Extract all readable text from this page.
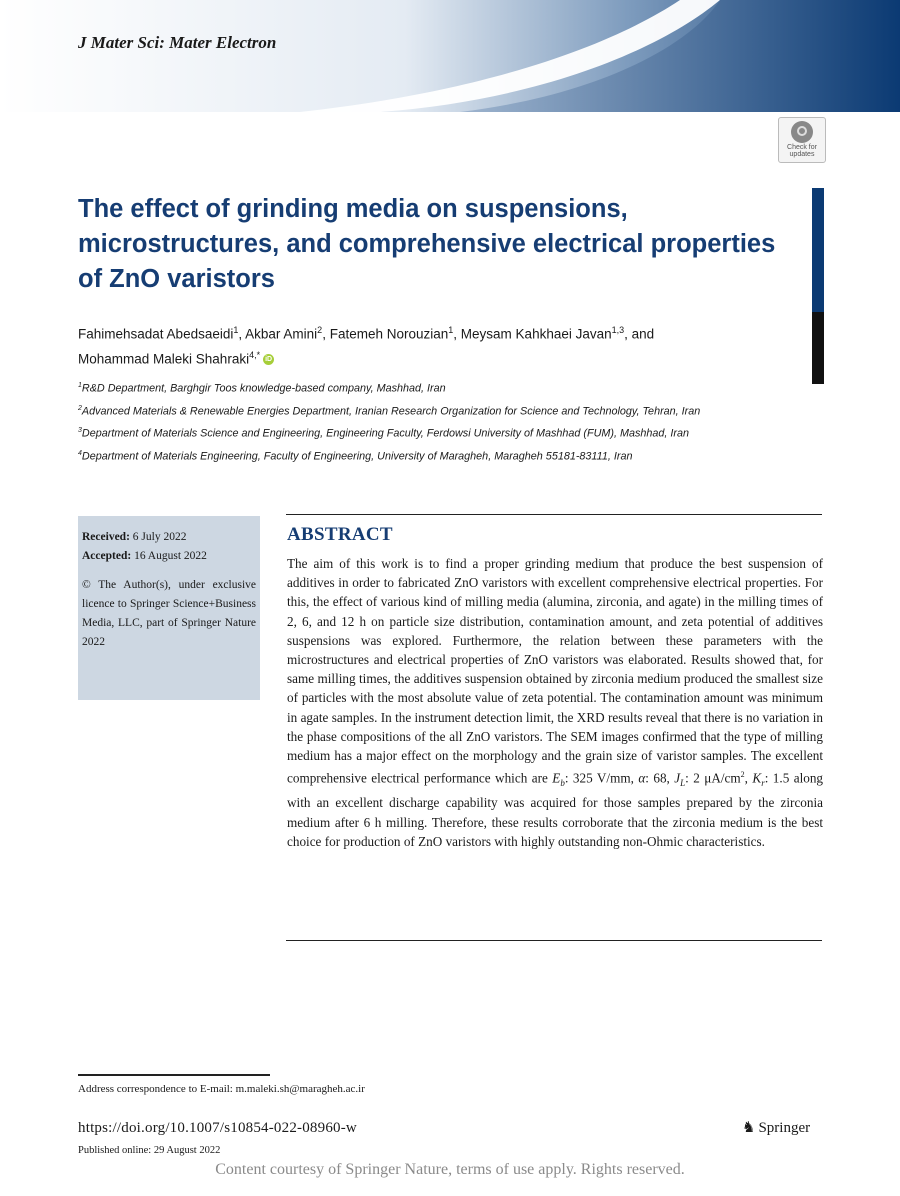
J Mater Sci: Mater Electron
Check for
updates
The effect of grinding media on suspensions, microstructures, and comprehensive electrical properties of ZnO varistors
Fahimehsadat Abedsaeidi$^1$, Akbar Amini$^2$, Fatemeh Norouzian$^1$, Meysam Kahkhaei Javan$^{1,3}$, and
Mohammad Maleki Shahraki$^{4,*}$ iD
$^1$R&D Department, Barghgir Toos knowledge-based company, Mashhad, Iran
$^2$Advanced Materials & Renewable Energies Department, Iranian Research Organization for Science and Technology, Tehran, Iran
$^3$Department of Materials Science and Engineering, Engineering Faculty, Ferdowsi University of Mashhad (FUM), Mashhad, Iran
$^4$Department of Materials Engineering, Faculty of Engineering, University of Maragheh, Maragheh 55181-83111, Iran
Received: 6 July 2022
Accepted: 16 August 2022
© The Author(s), under exclusive licence to Springer Science+Business Media, LLC, part of Springer Nature 2022
ABSTRACT
The aim of this work is to find a proper grinding medium that produce the best suspension of additives in order to fabricated ZnO varistors with excellent comprehensive electrical properties. For this, the effect of various kind of milling media (alumina, zirconia, and agate) in the milling times of 2, 6, and 12 h on particle size distribution, contamination amount, and zeta potential of additives suspensions was explored. Furthermore, the relation between these parameters with the microstructures and electrical properties of ZnO varistors was elaborated. Results showed that, for same milling times, the additives suspension obtained by zirconia medium produced the smallest size of particles with the most absolute value of zeta potential. The contamination amount was minimum in agate samples. In the instrument detection limit, the XRD results reveal that there is no variation in the phase compositions of the all ZnO varistors. The SEM images confirmed that the type of milling medium has a major effect on the morphology and the grain size of varistor samples. The excellent comprehensive electrical performance which are $E_b$: 325 V/mm, α: 68, $J_L$: 2 $\mu A/cm^2$, $K_r$: 1.5 along with an excellent discharge capability was acquired for those samples prepared by the zirconia medium after 6 h milling. Therefore, these results corroborate that the zirconia medium is the best choice for production of ZnO varistors with highly outstanding non-Ohmic characteristics.
Address correspondence to E-mail: m.maleki.sh@maragheh.ac.ir
https://doi.org/10.1007/s10854-022-08960-w
Published online: 29 August 2022
♞ Springer
Content courtesy of Springer Nature, terms of use apply. Rights reserved.
